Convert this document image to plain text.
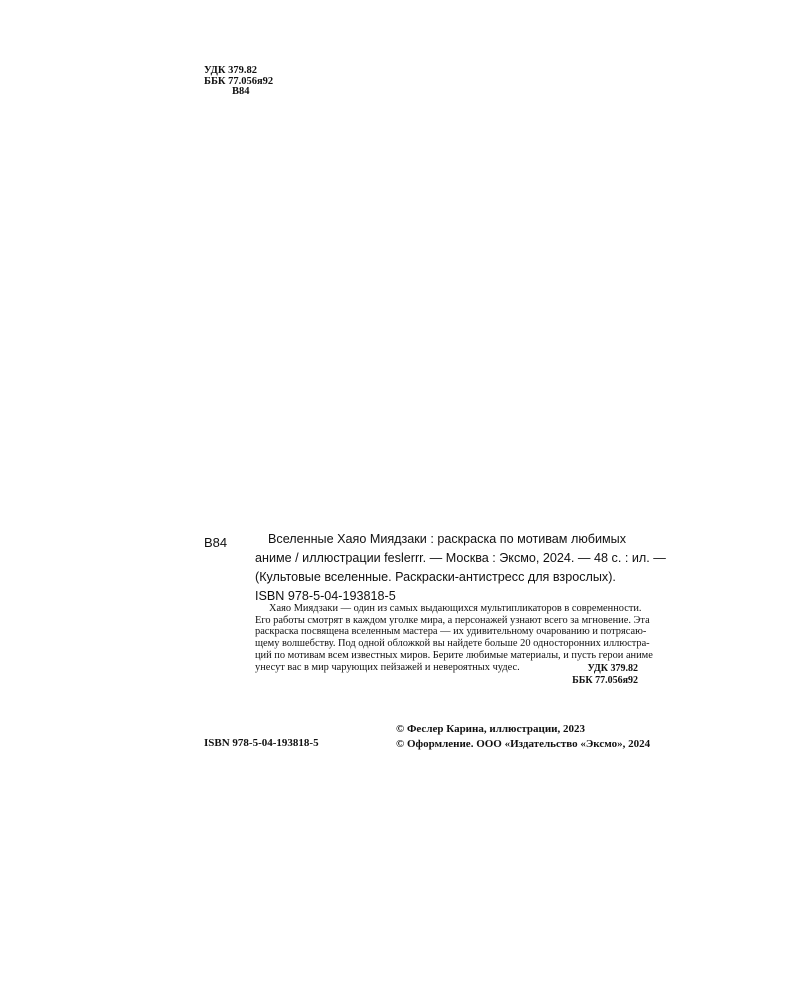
УДК 379.82
ББК 77.056я92
В84
В84	Вселенные Хаяо Миядзаки : раскраска по мотивам любимых
аниме / иллюстрации feslerrr. — Москва : Эксмо, 2024. — 48 с. : ил. —
(Культовые вселенные. Раскраски-антистресс для взрослых).
ISBN 978-5-04-193818-5
Хаяо Миядзаки — один из самых выдающихся мультипликаторов в современности.
Его работы смотрят в каждом уголке мира, а персонажей узнают всего за мгновение. Эта
раскраска посвящена вселенным мастера — их удивительному очарованию и потрясаю-
щему волшебству. Под одной обложкой вы найдете больше 20 односторонних иллюстра-
ций по мотивам всем известных миров. Берите любимые материалы, и пусть герои аниме
унесут вас в мир чарующих пейзажей и невероятных чудес.	УДК 379.82
ББК 77.056я92
ISBN 978-5-04-193818-5
© Феслер Карина, иллюстрации, 2023
© Оформление. ООО «Издательство «Эксмо», 2024
